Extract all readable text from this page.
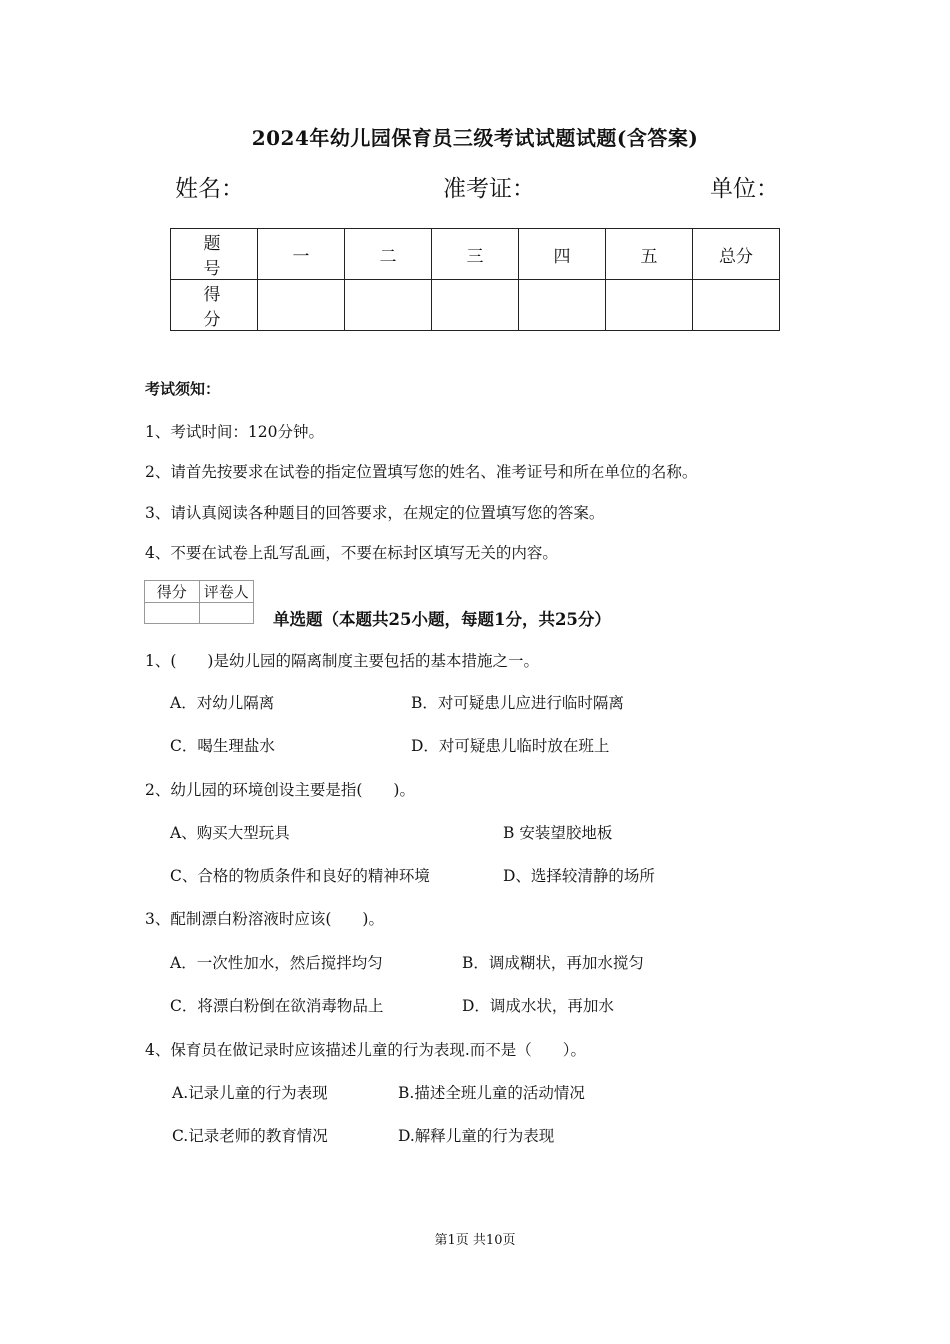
2024年幼儿园保育员三级考试试题试题(含答案)
姓名：	准考证：	单位：
题 号	一	二	三	四	五	总分
得 分						
考试须知：
1、考试时间：120分钟。
2、请首先按要求在试卷的指定位置填写您的姓名、准考证号和所在单位的名称。
3、请认真阅读各种题目的回答要求，在规定的位置填写您的答案。
4、不要在试卷上乱写乱画，不要在标封区填写无关的内容。
得分	评卷人

单选题（本题共25小题，每题1分，共25分）
1、(　　)是幼儿园的隔离制度主要包括的基本措施之一。
A．对幼儿隔离	B．对可疑患儿应进行临时隔离
C．喝生理盐水	D．对可疑患儿临时放在班上
2、幼儿园的环境创设主要是指(　　)。
A、购买大型玩具	B 安装望胶地板
C、合格的物质条件和良好的精神环境	D、选择较清静的场所
3、配制漂白粉溶液时应该(　　)。
A．一次性加水，然后搅拌均匀	B．调成糊状，再加水搅匀
C．将漂白粉倒在欲消毒物品上	D．调成水状，再加水
4、保育员在做记录时应该描述儿童的行为表现.而不是（　　）。
A.记录儿童的行为表现	B.描述全班儿童的活动情况
C.记录老师的教育情况	D.解释儿童的行为表现
第1页 共10页
